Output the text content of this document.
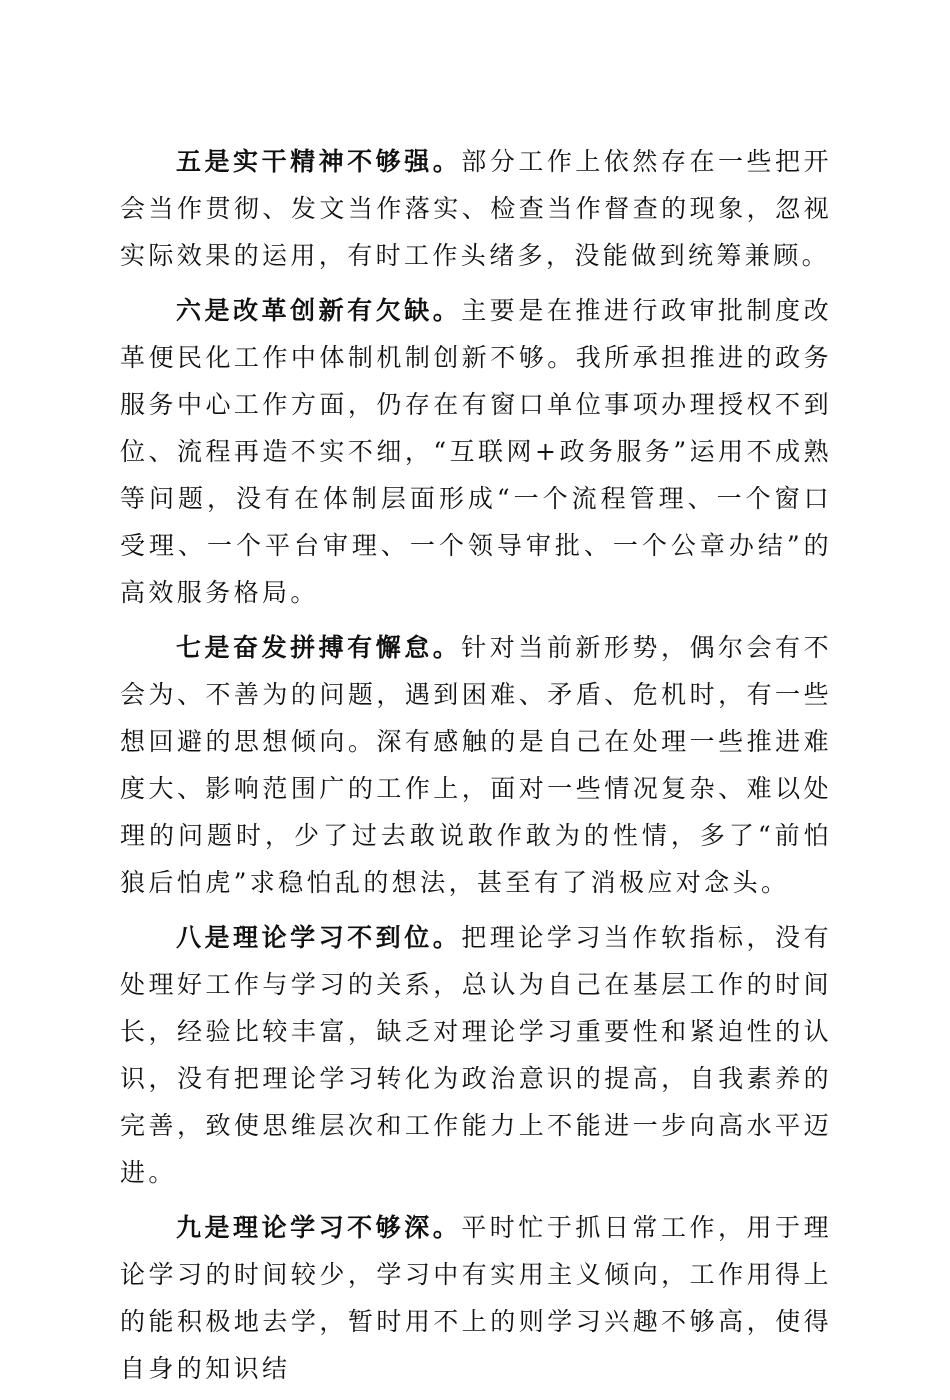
五是实干精神不够强。部分工作上依然存在一些把开会当作贯彻、发文当作落实、检查当作督查的现象，忽视实际效果的运用，有时工作头绪多，没能做到统筹兼顾。

六是改革创新有欠缺。主要是在推进行政审批制度改革便民化工作中体制机制创新不够。我所承担推进的政务服务中心工作方面，仍存在有窗口单位事项办理授权不到位、流程再造不实不细，“互联网+政务服务”运用不成熟等问题，没有在体制层面形成“一个流程管理、一个窗口受理、一个平台审理、一个领导审批、一个公章办结”的高效服务格局。

七是奋发拼搏有懈怠。针对当前新形势，偶尔会有不会为、不善为的问题，遇到困难、矛盾、危机时，有一些想回避的思想倾向。深有感触的是自己在处理一些推进难度大、影响范围广的工作上，面对一些情况复杂、难以处理的问题时，少了过去敢说敢作敢为的性情，多了“前怕狼后怕虎”求稳怕乱的想法，甚至有了消极应对念头。

八是理论学习不到位。把理论学习当作软指标，没有处理好工作与学习的关系，总认为自己在基层工作的时间长，经验比较丰富，缺乏对理论学习重要性和紧迫性的认识，没有把理论学习转化为政治意识的提高，自我素养的完善，致使思维层次和工作能力上不能进一步向高水平迈进。

九是理论学习不够深。平时忙于抓日常工作，用于理论学习的时间较少，学习中有实用主义倾向，工作用得上的能积极地去学，暂时用不上的则学习兴趣不够高，使得自身的知识结
